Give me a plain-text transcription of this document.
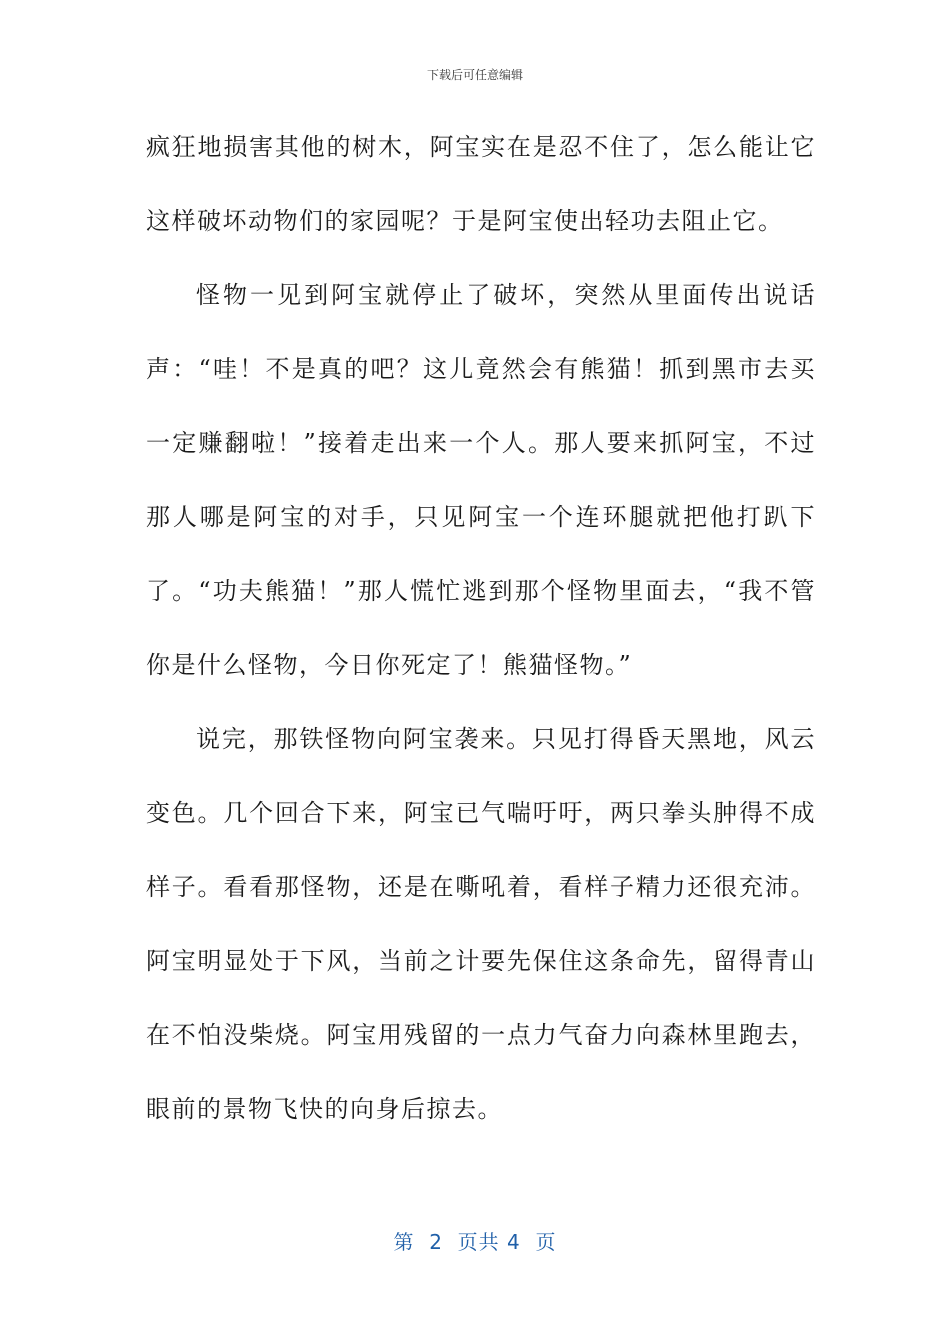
下载后可任意编辑

疯狂地损害其他的树木，阿宝实在是忍不住了，怎么能让它这样破坏动物们的家园呢？于是阿宝使出轻功去阻止它。

怪物一见到阿宝就停止了破坏，突然从里面传出说话声：“哇！不是真的吧？这儿竟然会有熊猫！抓到黑市去买一定赚翻啦！”接着走出来一个人。那人要来抓阿宝，不过那人哪是阿宝的对手，只见阿宝一个连环腿就把他打趴下了。“功夫熊猫！”那人慌忙逃到那个怪物里面去，“我不管你是什么怪物，今日你死定了！熊猫怪物。”

说完，那铁怪物向阿宝袭来。只见打得昏天黑地，风云变色。几个回合下来，阿宝已气喘吁吁，两只拳头肿得不成样子。看看那怪物，还是在嘶吼着，看样子精力还很充沛。阿宝明显处于下风，当前之计要先保住这条命先，留得青山在不怕没柴烧。阿宝用残留的一点力气奋力向森林里跑去，眼前的景物飞快的向身后掠去。

第  2  页共 4  页
